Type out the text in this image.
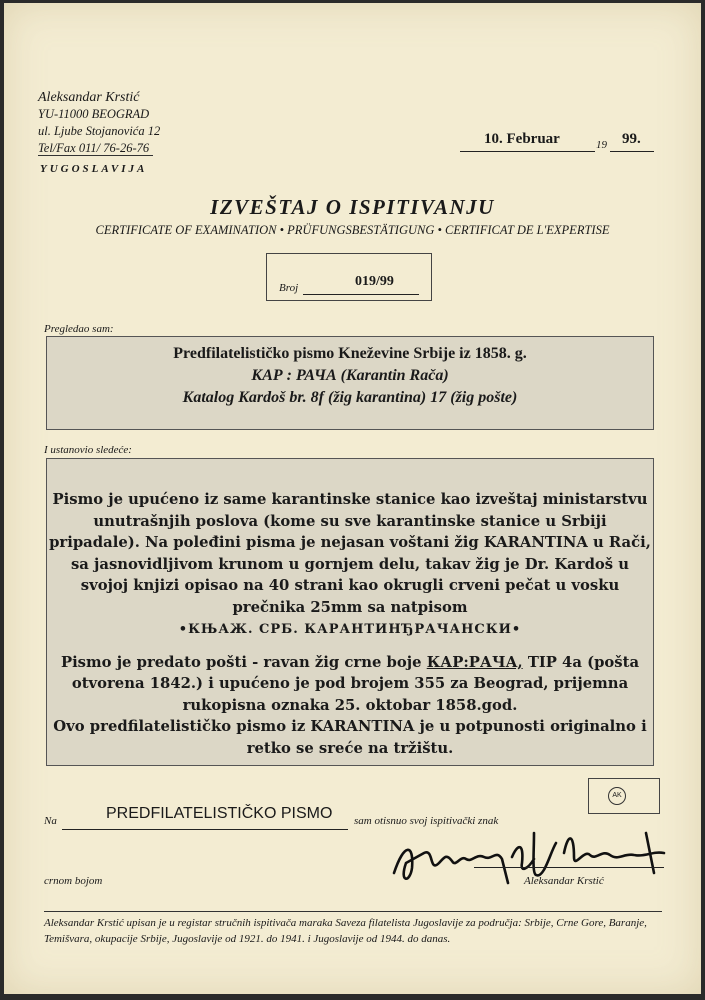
Aleksandar Krstić
YU-11000 BEOGRAD
ul. Ljube Stojanovića 12
Tel/Fax 011/ 76-26-76
YUGOSLAVIJA
10. Februar	19 99.
IZVEŠTAJ O ISPITIVANJU
CERTIFICATE OF EXAMINATION • PRÜFUNGSBESTÄTIGUNG • CERTIFICAT DE L'EXPERTISE
Broj	019/99
Pregledao sam:
Predfilatelističko pismo Kneževine Srbije iz 1858. g.
КАР : РАЧА (Karantin Rača)
Katalog Kardoš br. 8f (žig karantina) 17 (žig pošte)
I ustanovio sledeće:

Pismo je upućeno iz same karantinske stanice kao izveštaj ministarstvu unutrašnjih poslova (kome su sve karantinske stanice u Srbiji pripadale). Na poleđini pisma je nejasan voštani žig KARANTINA u Rači, sa jasnovidljivom krunom u gornjem delu, takav žig je Dr. Kardoš u svojoj knjizi opisao na 40 strani kao okrugli crveni pečat u vosku prečnika 25mm sa natpisom
•КЊАЖ. СРБ. КАРАНТИНЂРАЧАНСКИ•

Pismo je predato pošti - ravan žig crne boje КАР:РАЧА, TIP 4a (pošta otvorena 1842.) i upućeno je pod brojem 355 za Beograd, prijemna rukopisna oznaka 25. oktobar 1858.god.
Ovo predfilatelističko pismo iz KARANTINA je u potpunosti originalno i retko se sreće na tržištu.

AK
Na	PREDFILATELISTIČKO PISMO sam otisnuo svoj ispitivački znak
crnom bojom	Aleksandar Krstić
Aleksandar Krstić upisan je u registar stručnih ispitivača maraka Saveza filatelista Jugoslavije za područja: Srbije, Crne Gore, Baranje, Temišvara, okupacije Srbije, Jugoslavije od 1921. do 1941. i Jugoslavije od 1944. do danas.
